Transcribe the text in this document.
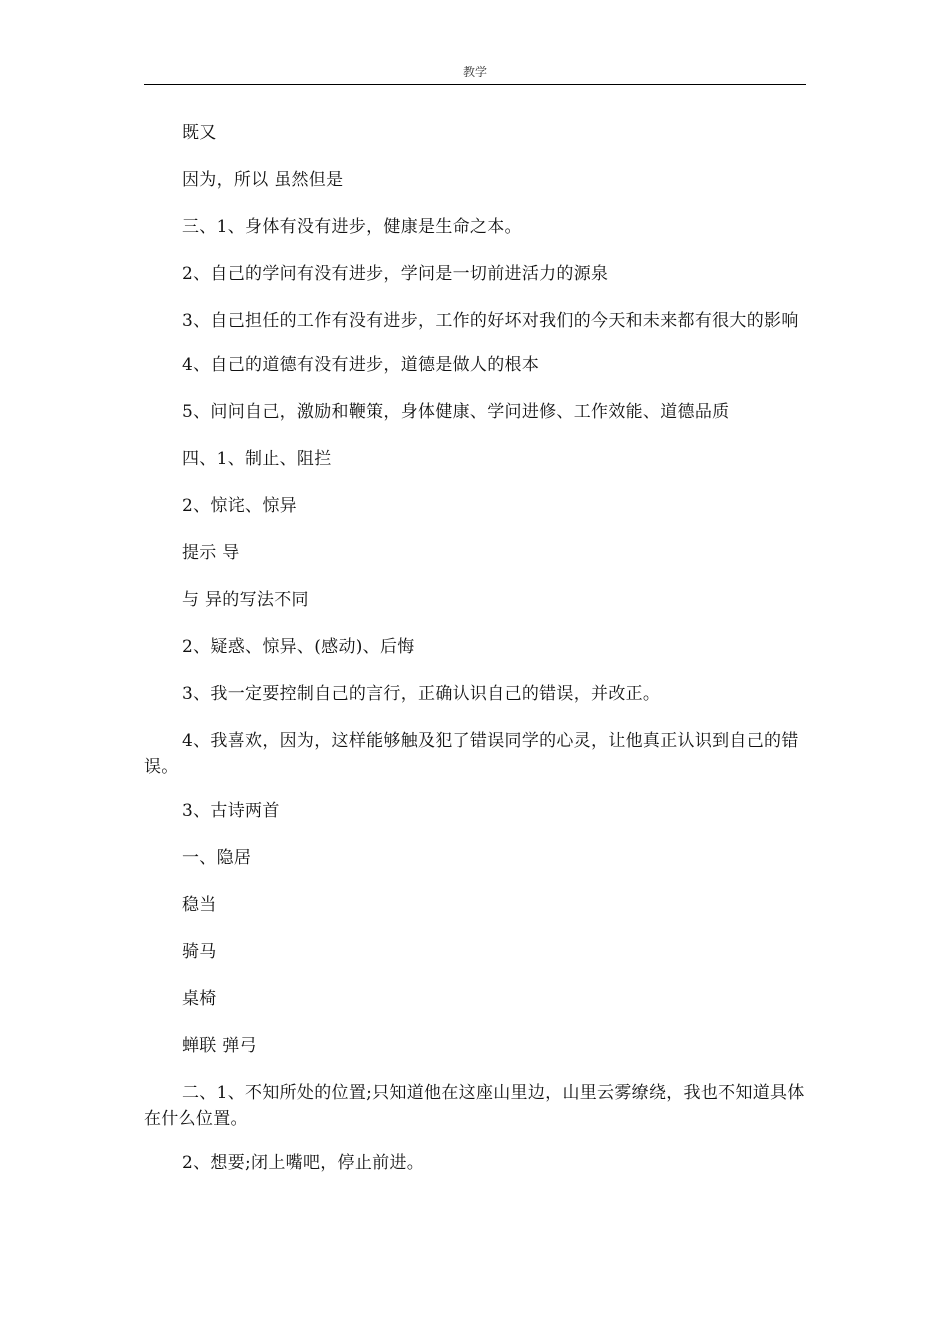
教学

既又

因为，所以 虽然但是

三、1、身体有没有进步，健康是生命之本。

2、自己的学问有没有进步，学问是一切前进活力的源泉

3、自己担任的工作有没有进步，工作的好坏对我们的今天和未来都有很大的影响

4、自己的道德有没有进步，道德是做人的根本

5、问问自己，激励和鞭策，身体健康、学问进修、工作效能、道德品质

四、1、制止、阻拦

2、惊诧、惊异

提示 导

与 异的写法不同

2、疑惑、惊异、(感动)、后悔

3、我一定要控制自己的言行，正确认识自己的错误，并改正。

4、我喜欢，因为，这样能够触及犯了错误同学的心灵，让他真正认识到自己的错误。

3、古诗两首

一、隐居

稳当

骑马

桌椅

蝉联 弹弓

二、1、不知所处的位置;只知道他在这座山里边，山里云雾缭绕，我也不知道具体在什么位置。

2、想要;闭上嘴吧，停止前进。
